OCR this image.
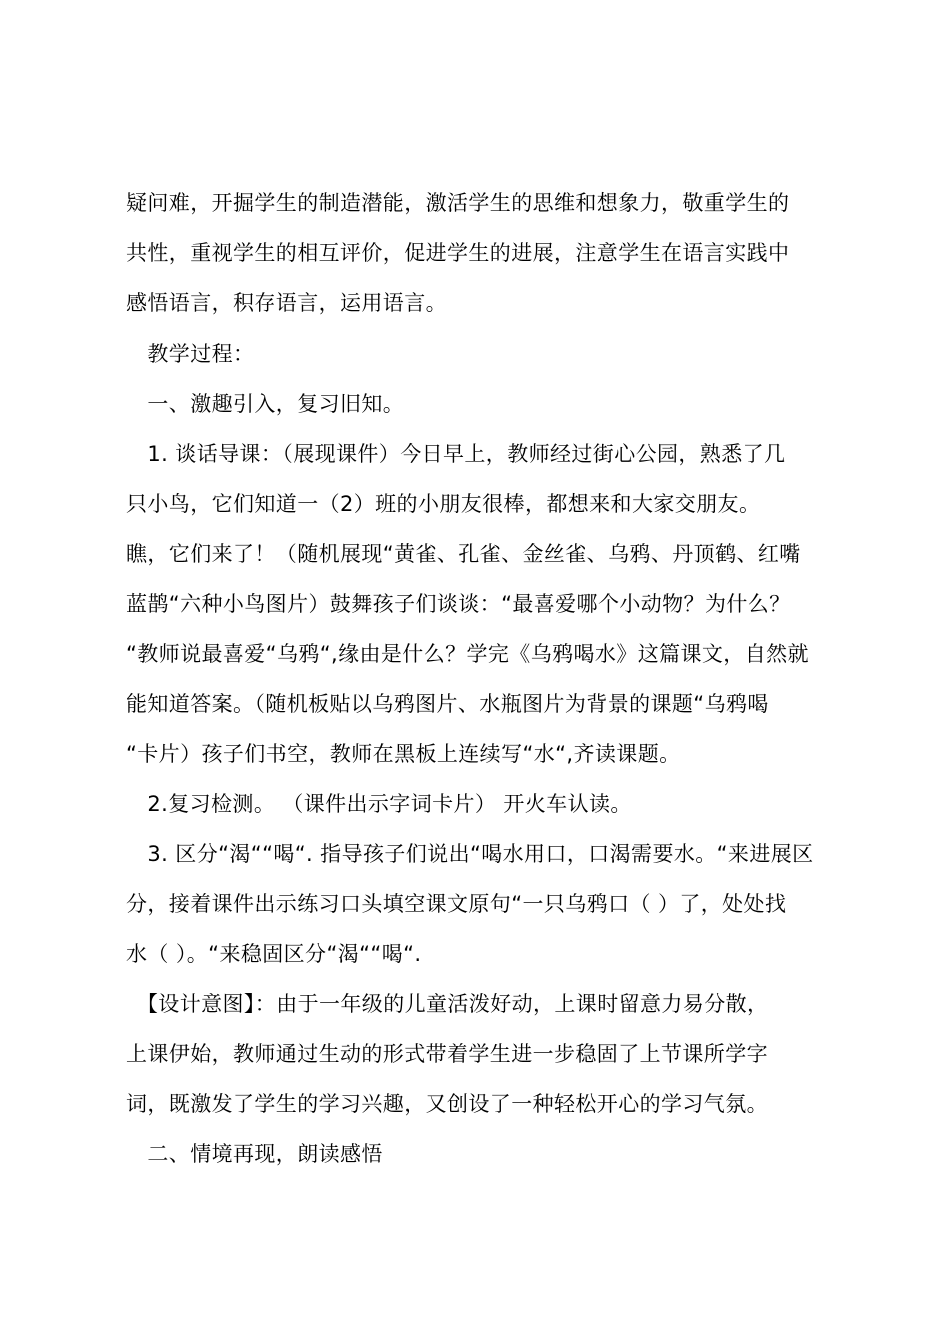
疑问难，开掘学生的制造潜能，激活学生的思维和想象力，敬重学生的
共性，重视学生的相互评价，促进学生的进展，注意学生在语言实践中
感悟语言，积存语言，运用语言。
　教学过程：
　一、激趣引入，复习旧知。
　1. 谈话导课：（展现课件）今日早上，教师经过街心公园，熟悉了几
只小鸟，它们知道一（2）班的小朋友很棒，都想来和大家交朋友。
瞧，它们来了！（随机展现“黄雀、孔雀、金丝雀、乌鸦、丹顶鹤、红嘴
蓝鹊“六种小鸟图片）鼓舞孩子们谈谈：“最喜爱哪个小动物？为什么？
“教师说最喜爱“乌鸦“,缘由是什么？学完《乌鸦喝水》这篇课文，自然就
能知道答案。（随机板贴以乌鸦图片、水瓶图片为背景的课题“乌鸦喝
“卡片）孩子们书空，教师在黑板上连续写“水“,齐读课题。
　2.复习检测。 （课件出示字词卡片） 开火车认读。
　3. 区分“渴““喝“. 指导孩子们说出“喝水用口，口渴需要水。“来进展区
分，接着课件出示练习口头填空课文原句“一只乌鸦口（ ）了，处处找
水（ ）。“来稳固区分“渴““喝“.
　【设计意图】：由于一年级的儿童活泼好动，上课时留意力易分散，
上课伊始，教师通过生动的形式带着学生进一步稳固了上节课所学字
词，既激发了学生的学习兴趣，又创设了一种轻松开心的学习气氛。
　二、情境再现，朗读感悟
